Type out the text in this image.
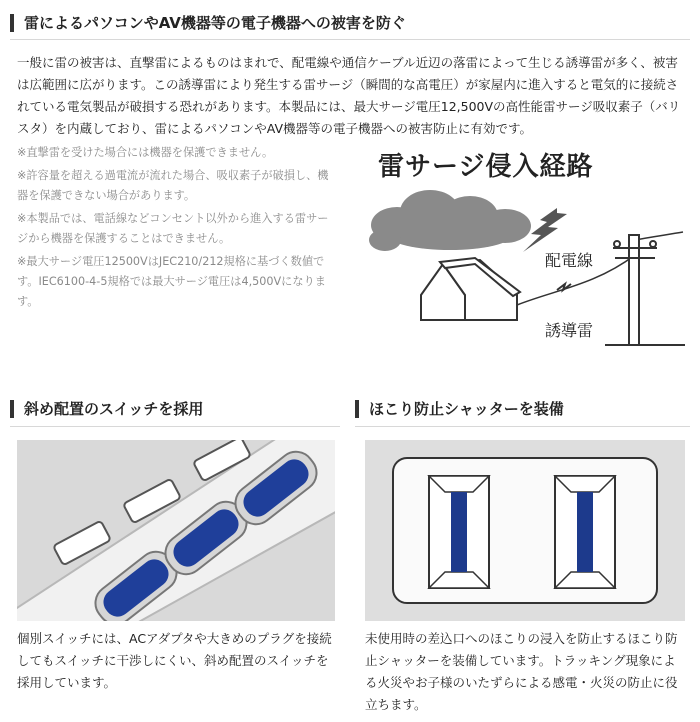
雷によるパソコンやAV機器等の電子機器への被害を防ぐ
一般に雷の被害は、直撃雷によるものはまれで、配電線や通信ケーブル近辺の落雷によって生じる誘導雷が多く、被害は広範囲に広がります。この誘導雷により発生する雷サージ（瞬間的な高電圧）が家屋内に進入すると電気的に接続されている電気製品が破損する恐れがあります。本製品には、最大サージ電圧12,500Vの高性能雷サージ吸収素子（バリスタ）を内蔵しており、雷によるパソコンやAV機器等の電子機器への被害防止に有効です。

※直撃雷を受けた場合には機器を保護できません。

※許容量を超える過電流が流れた場合、吸収素子が破損し、機器を保護できない場合があります。

※本製品では、電話線などコンセント以外から進入する雷サージから機器を保護することはできません。

※最大サージ電圧12500VはJEC210/212規格に基づく数値です。IEC6100-4-5規格では最大サージ電圧は4,500Vになります。

雷サージ侵入経路
配電線
誘導雷
斜め配置のスイッチを採用
個別スイッチには、ACアダプタや大きめのプラグを接続してもスイッチに干渉しにくい、斜め配置のスイッチを採用しています。
ほこり防止シャッターを装備
未使用時の差込口へのほこりの浸入を防止するほこり防止シャッターを装備しています。トラッキング現象による火災やお子様のいたずらによる感電・火災の防止に役立ちます。
